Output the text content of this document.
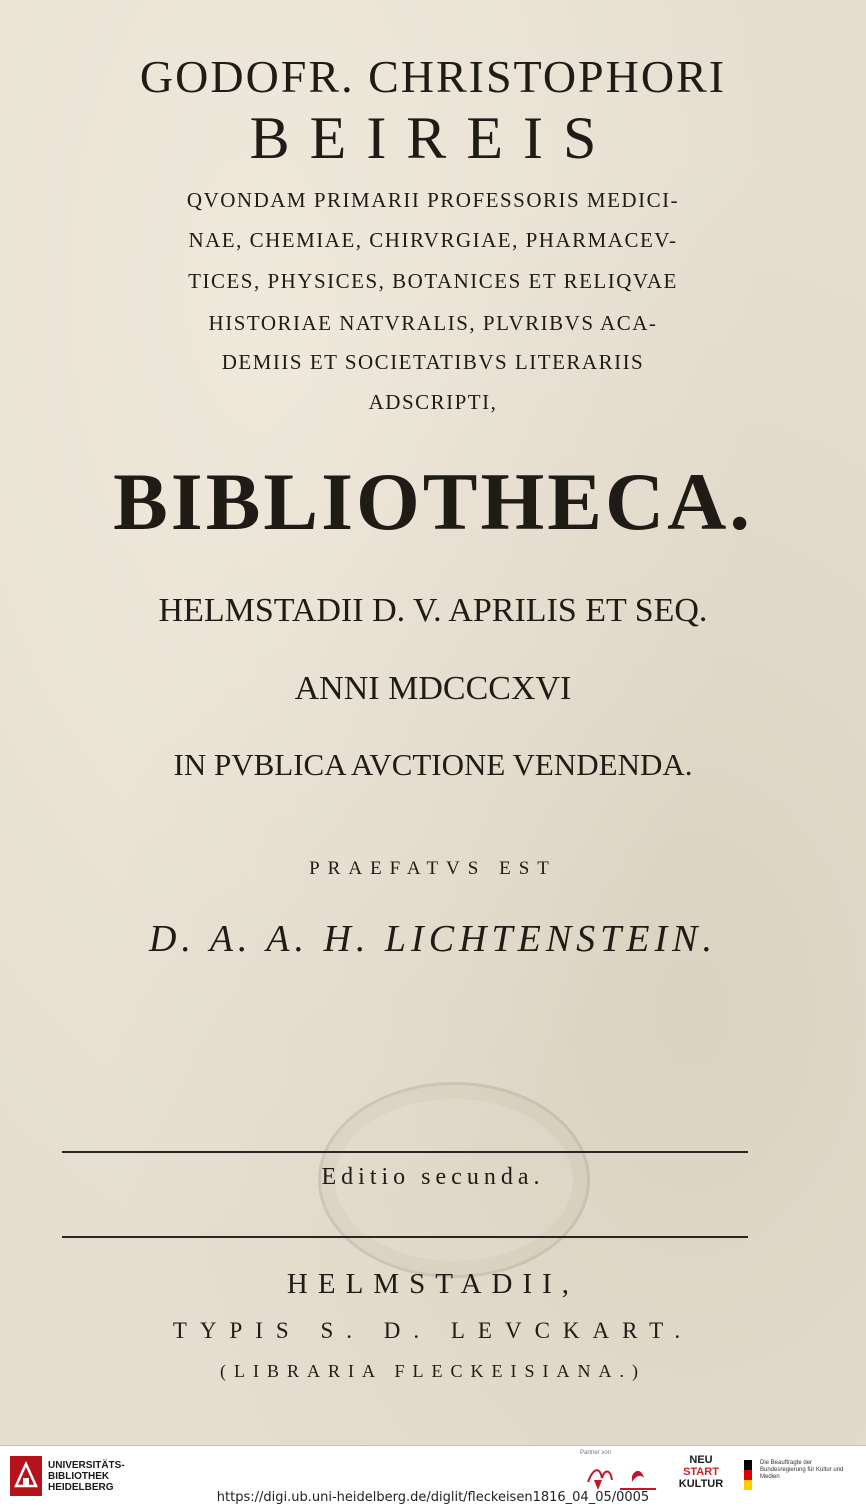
GODOFR. CHRISTOPHORI
BEIREIS
QVONDAM PRIMARII PROFESSORIS MEDICI-
NAE, CHEMIAE, CHIRVRGIAE, PHARMACEV-
TICES, PHYSICES, BOTANICES ET RELIQVAE
HISTORIAE NATVRALIS, PLVRIBVS ACA-
DEMIIS ET SOCIETATIBVS LITERARIIS
ADSCRIPTI,
BIBLIOTHECA.
HELMSTADII D. V. APRILIS ET SEQ.
ANNI MDCCCXVI
IN PVBLICA AVCTIONE VENDENDA.
PRAEFATVS EST
D. A. A. H. LICHTENSTEIN.
Editio secunda.
HELMSTADII,
TYPIS S. D. LEVCKART.
(LIBRARIA FLECKEISIANA.)
UNIVERSITÄTS-
BIBLIOTHEK
HEIDELBERG
Partner von
NEU
START
KULTUR
Die Beauftragte der Bundesregierung für Kultur und Medien
https://digi.ub.uni-heidelberg.de/diglit/fleckeisen1816_04_05/0005
